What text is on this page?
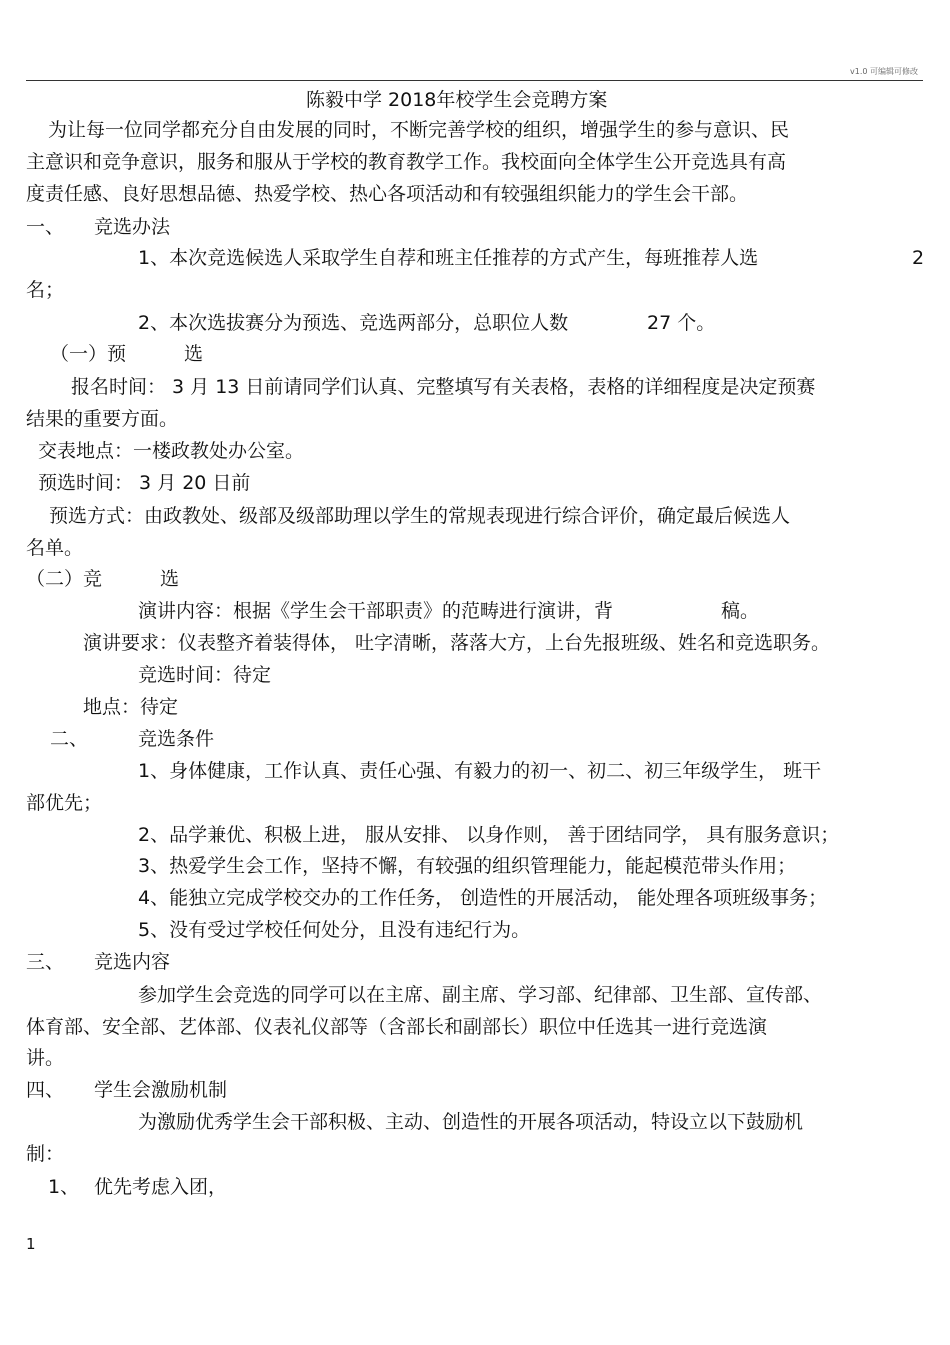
v1.0 可编辑可修改
陈毅中学 2018年校学生会竞聘方案
为让每一位同学都充分自由发展的同时，不断完善学校的组织，增强学生的参与意识、民
主意识和竞争意识，服务和服从于学校的教育教学工作。我校面向全体学生公开竞选具有高
度责任感、良好思想品德、热爱学校、热心各项活动和有较强组织能力的学生会干部。
一、 竞选办法
1、本次竞选候选人采取学生自荐和班主任推荐的方式产生，每班推荐人选	2
名；
2、本次选拔赛分为预选、竞选两部分，总职位人数	27 个。
（一）预	选
报名时间： 3 月 13 日前请同学们认真、完整填写有关表格，表格的详细程度是决定预赛
结果的重要方面。
交表地点：一楼政教处办公室。
预选时间： 3 月 20 日前
预选方式：由政教处、级部及级部助理以学生的常规表现进行综合评价，确定最后候选人
名单。
（二）竞	选
演讲内容：根据《学生会干部职责》的范畴进行演讲，背	稿。
演讲要求：仪表整齐着装得体， 吐字清晰，落落大方，上台先报班级、姓名和竞选职务。
竞选时间：待定
地点：待定
二、	竞选条件
1、身体健康，工作认真、责任心强、有毅力的初一、初二、初三年级学生， 班干
部优先；
2、品学兼优、积极上进， 服从安排、 以身作则， 善于团结同学， 具有服务意识；
3、热爱学生会工作，坚持不懈，有较强的组织管理能力，能起模范带头作用；
4、能独立完成学校交办的工作任务， 创造性的开展活动， 能处理各项班级事务；
5、没有受过学校任何处分，且没有违纪行为。
三、 竞选内容
参加学生会竞选的同学可以在主席、副主席、学习部、纪律部、卫生部、宣传部、
体育部、安全部、艺体部、仪表礼仪部等（含部长和副部长）职位中任选其一进行竞选演
讲。
四、 学生会激励机制
为激励优秀学生会干部积极、主动、创造性的开展各项活动，特设立以下鼓励机
制：
1、 优先考虑入团，
1
